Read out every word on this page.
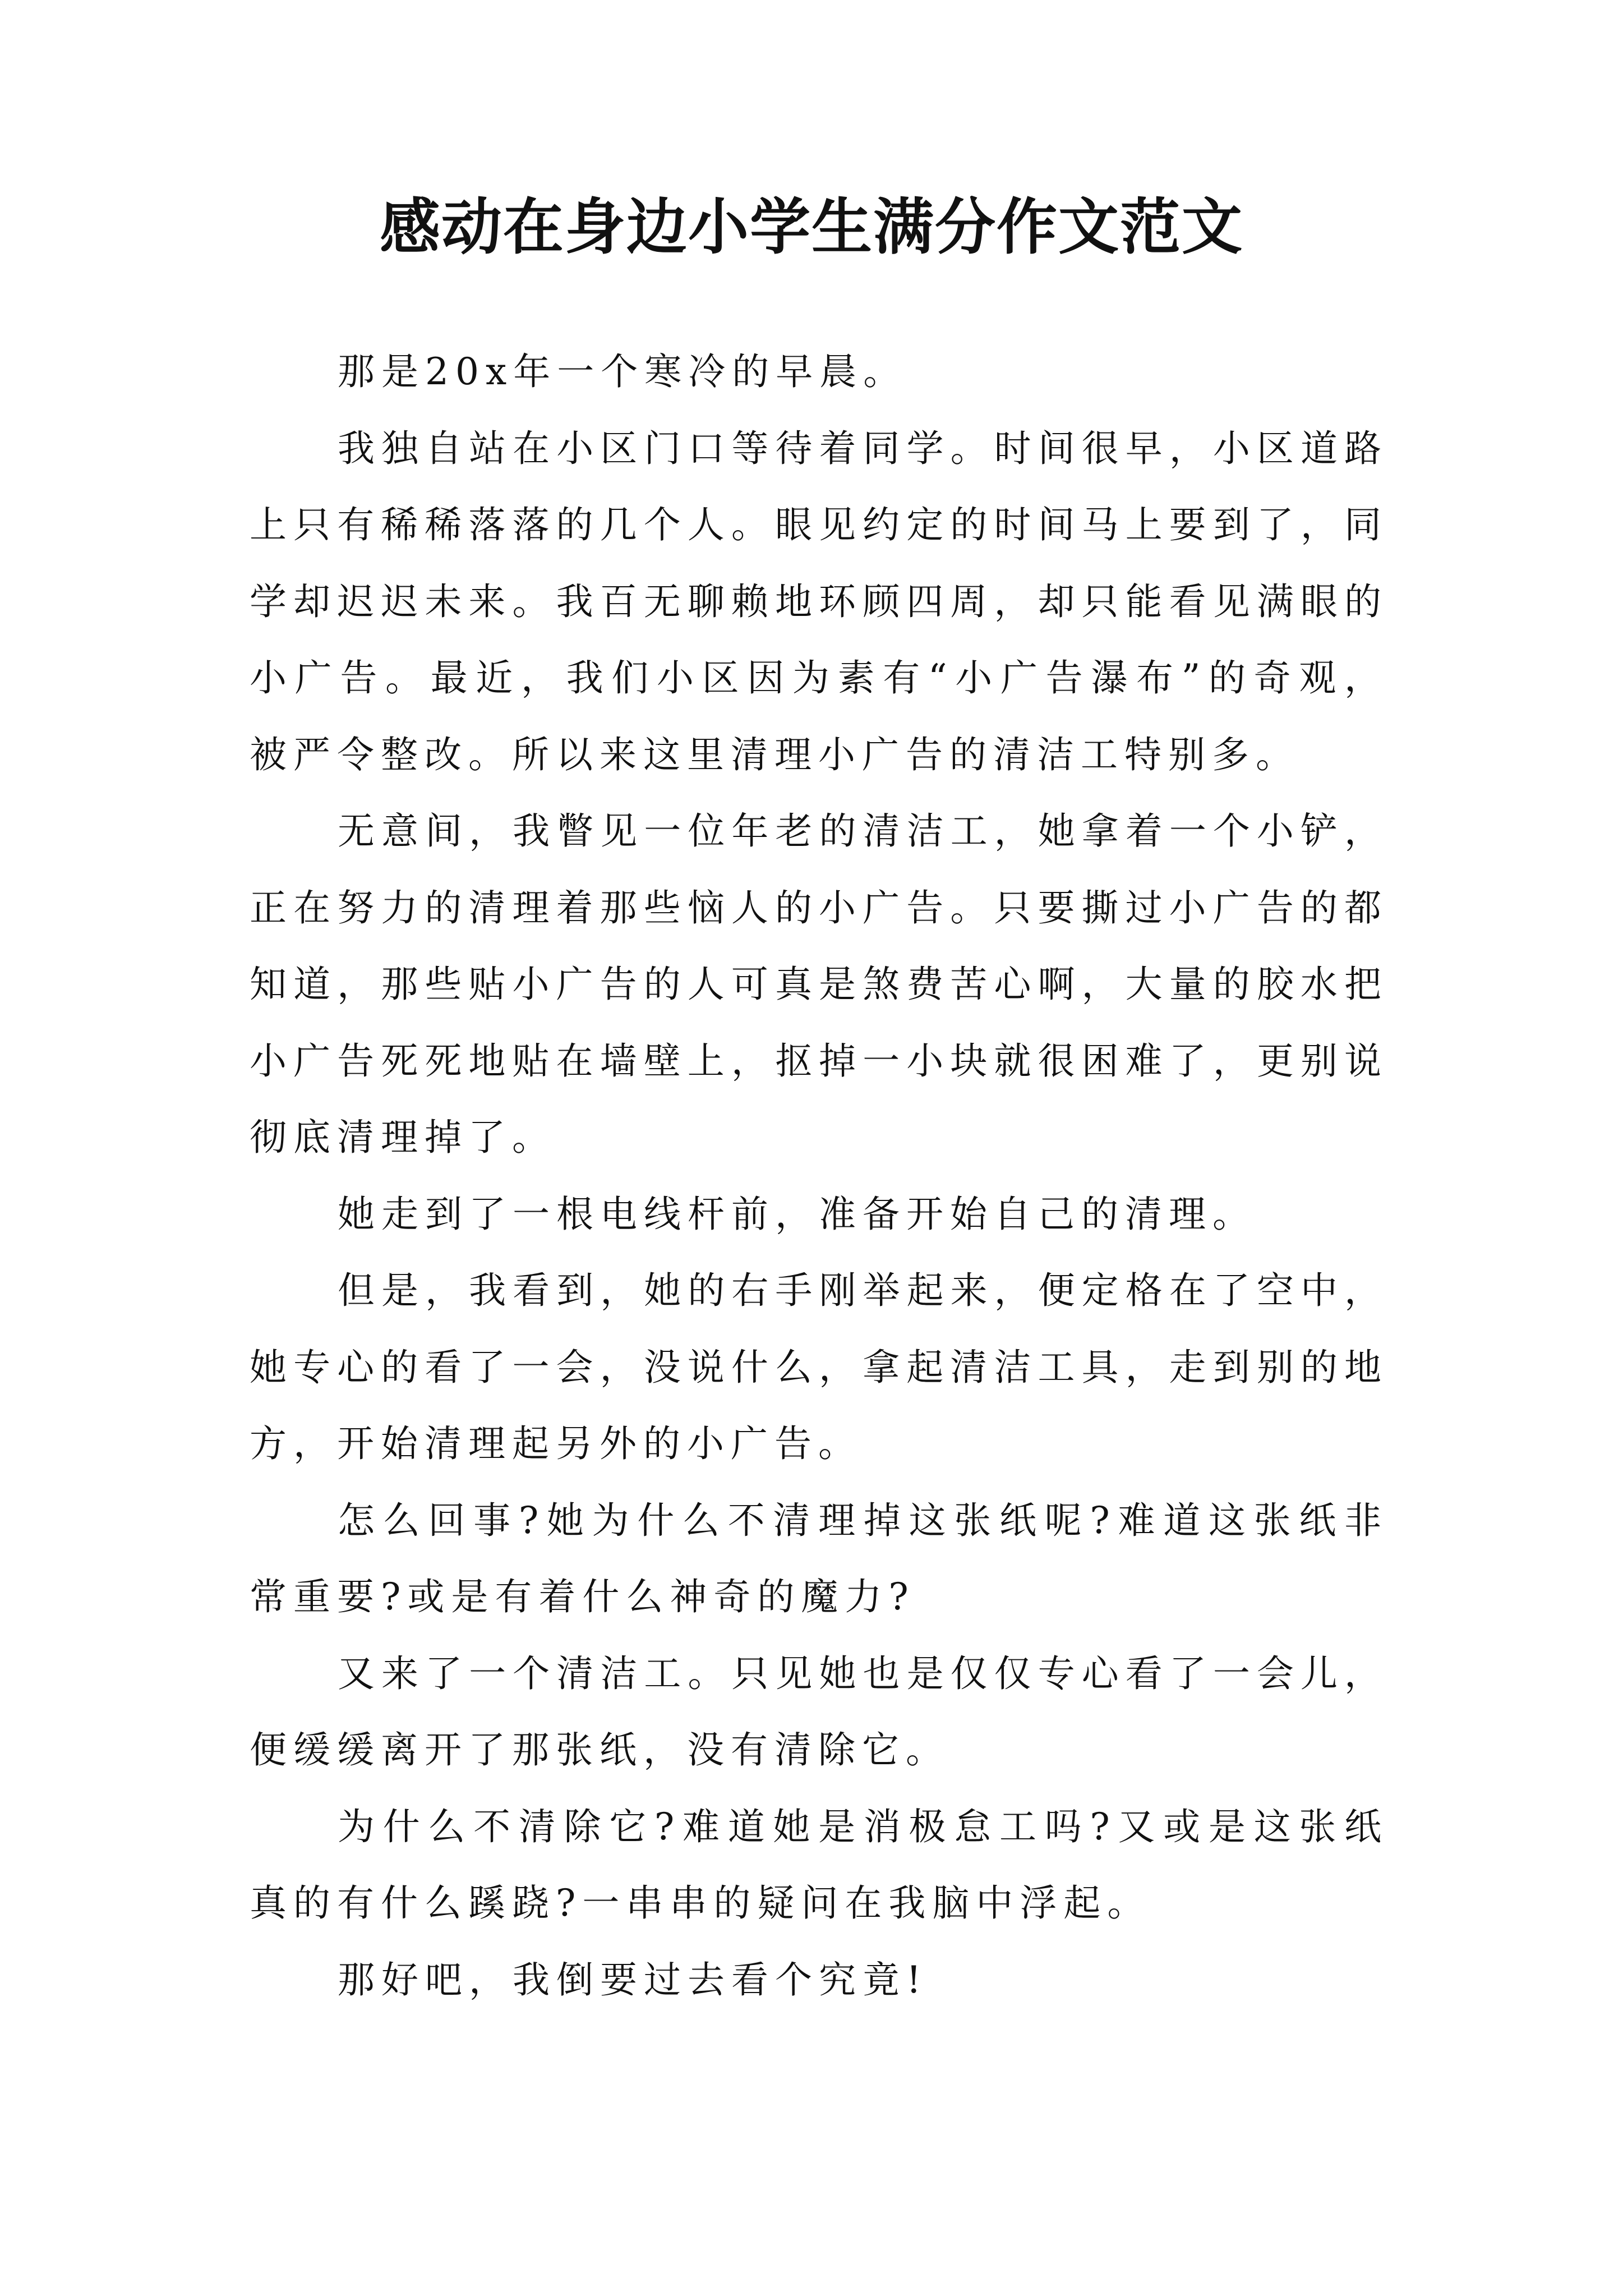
感动在身边小学生满分作文范文

那是20x年一个寒冷的早晨。

我独自站在小区门口等待着同学。时间很早，小区道路上只有稀稀落落的几个人。眼见约定的时间马上要到了，同学却迟迟未来。我百无聊赖地环顾四周，却只能看见满眼的小广告。最近，我们小区因为素有“小广告瀑布”的奇观，被严令整改。所以来这里清理小广告的清洁工特别多。

无意间，我瞥见一位年老的清洁工，她拿着一个小铲，正在努力的清理着那些恼人的小广告。只要撕过小广告的都知道，那些贴小广告的人可真是煞费苦心啊，大量的胶水把小广告死死地贴在墙壁上，抠掉一小块就很困难了，更别说彻底清理掉了。

她走到了一根电线杆前，准备开始自己的清理。

但是，我看到，她的右手刚举起来，便定格在了空中，她专心的看了一会，没说什么，拿起清洁工具，走到别的地方，开始清理起另外的小广告。

怎么回事?她为什么不清理掉这张纸呢?难道这张纸非常重要?或是有着什么神奇的魔力?

又来了一个清洁工。只见她也是仅仅专心看了一会儿，便缓缓离开了那张纸，没有清除它。

为什么不清除它?难道她是消极怠工吗?又或是这张纸真的有什么蹊跷?一串串的疑问在我脑中浮起。

那好吧，我倒要过去看个究竟!
